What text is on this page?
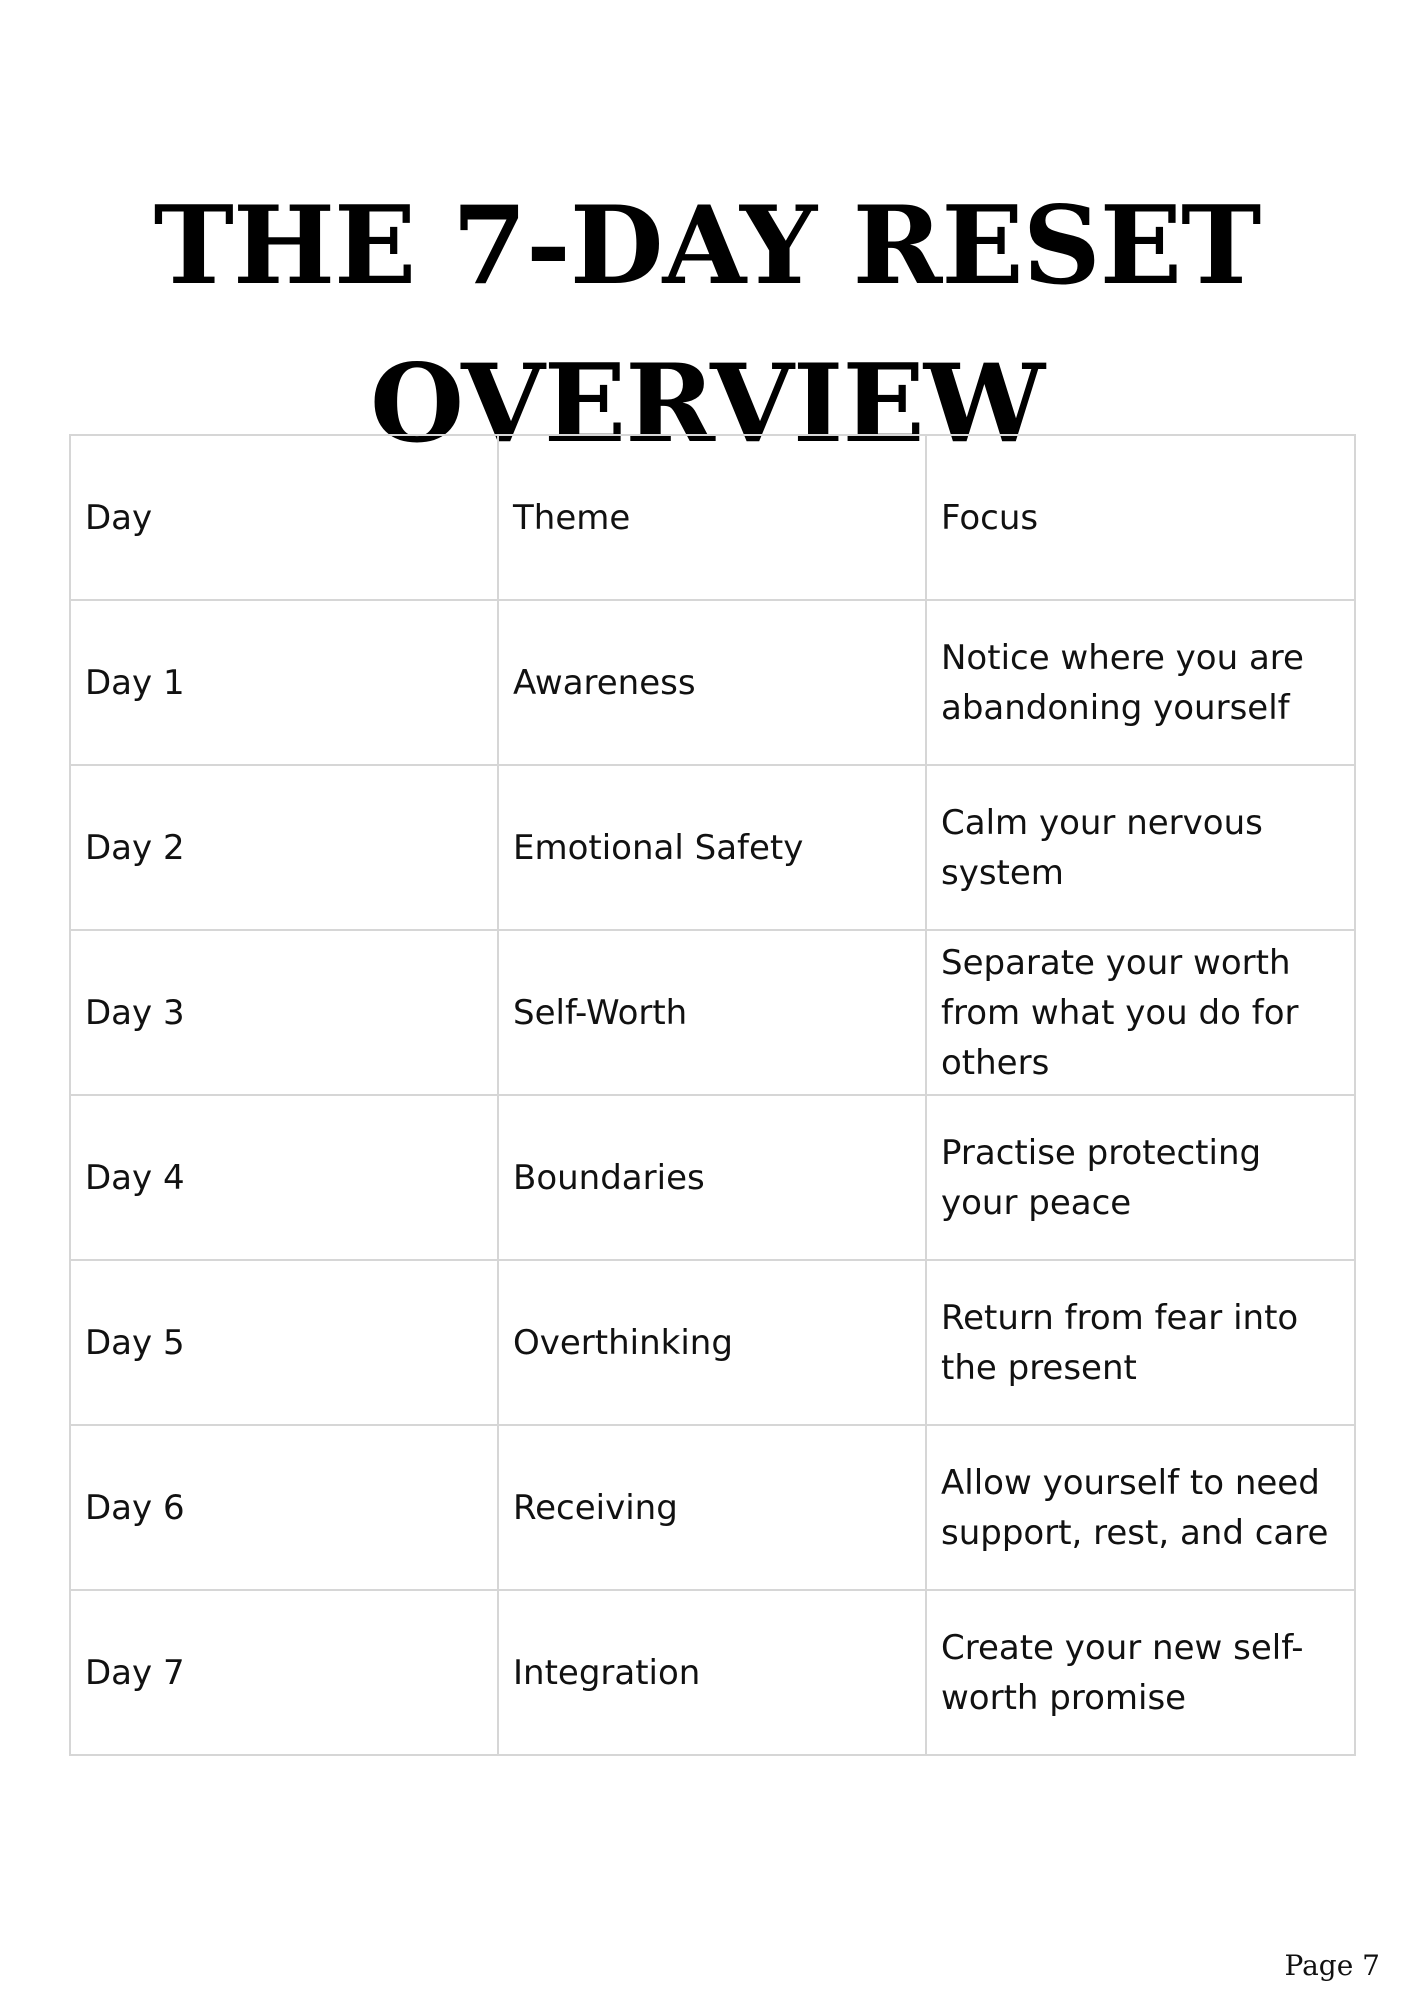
THE 7-DAY RESET
OVERVIEW
Day	Theme	Focus
Day 1	Awareness	Notice where you are abandoning yourself
Day 2	Emotional Safety	Calm your nervous system
Day 3	Self-Worth	Separate your worth from what you do for others
Day 4	Boundaries	Practise protecting your peace
Day 5	Overthinking	Return from fear into the present
Day 6	Receiving	Allow yourself to need support, rest, and care
Day 7	Integration	Create your new self-worth promise
Page 7
